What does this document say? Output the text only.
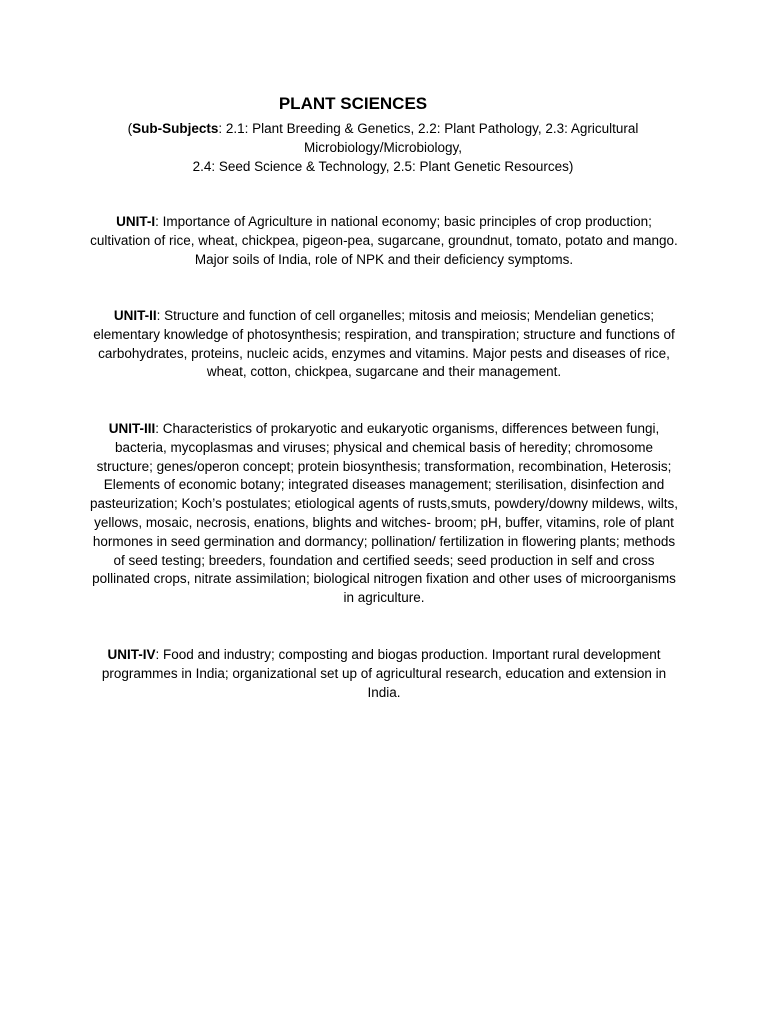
PLANT SCIENCES

(Sub-Subjects: 2.1: Plant Breeding & Genetics, 2.2: Plant Pathology, 2.3: Agricultural Microbiology/Microbiology,
2.4: Seed Science & Technology, 2.5: Plant Genetic Resources)

UNIT-I: Importance of Agriculture in national economy; basic principles of crop production; cultivation of rice, wheat, chickpea, pigeon-pea, sugarcane, groundnut, tomato, potato and mango. Major soils of India, role of NPK and their deficiency symptoms.

UNIT-II: Structure and function of cell organelles; mitosis and meiosis; Mendelian genetics; elementary knowledge of photosynthesis; respiration, and transpiration; structure and functions of carbohydrates, proteins, nucleic acids, enzymes and vitamins. Major pests and diseases of rice, wheat, cotton, chickpea, sugarcane and their management.

UNIT-III: Characteristics of prokaryotic and eukaryotic organisms, differences between fungi, bacteria, mycoplasmas and viruses; physical and chemical basis of heredity; chromosome structure; genes/operon concept; protein biosynthesis; transformation, recombination, Heterosis; Elements of economic botany; integrated diseases management; sterilisation, disinfection and pasteurization; Koch’s postulates; etiological agents of rusts,smuts, powdery/downy mildews, wilts, yellows, mosaic, necrosis, enations, blights and witches- broom; pH, buffer, vitamins, role of plant hormones in seed germination and dormancy; pollination/ fertilization in flowering plants; methods of seed testing; breeders, foundation and certified seeds; seed production in self and cross pollinated crops, nitrate assimilation; biological nitrogen fixation and other uses of microorganisms in agriculture.

UNIT-IV: Food and industry; composting and biogas production. Important rural development programmes in India; organizational set up of agricultural research, education and extension in India.
